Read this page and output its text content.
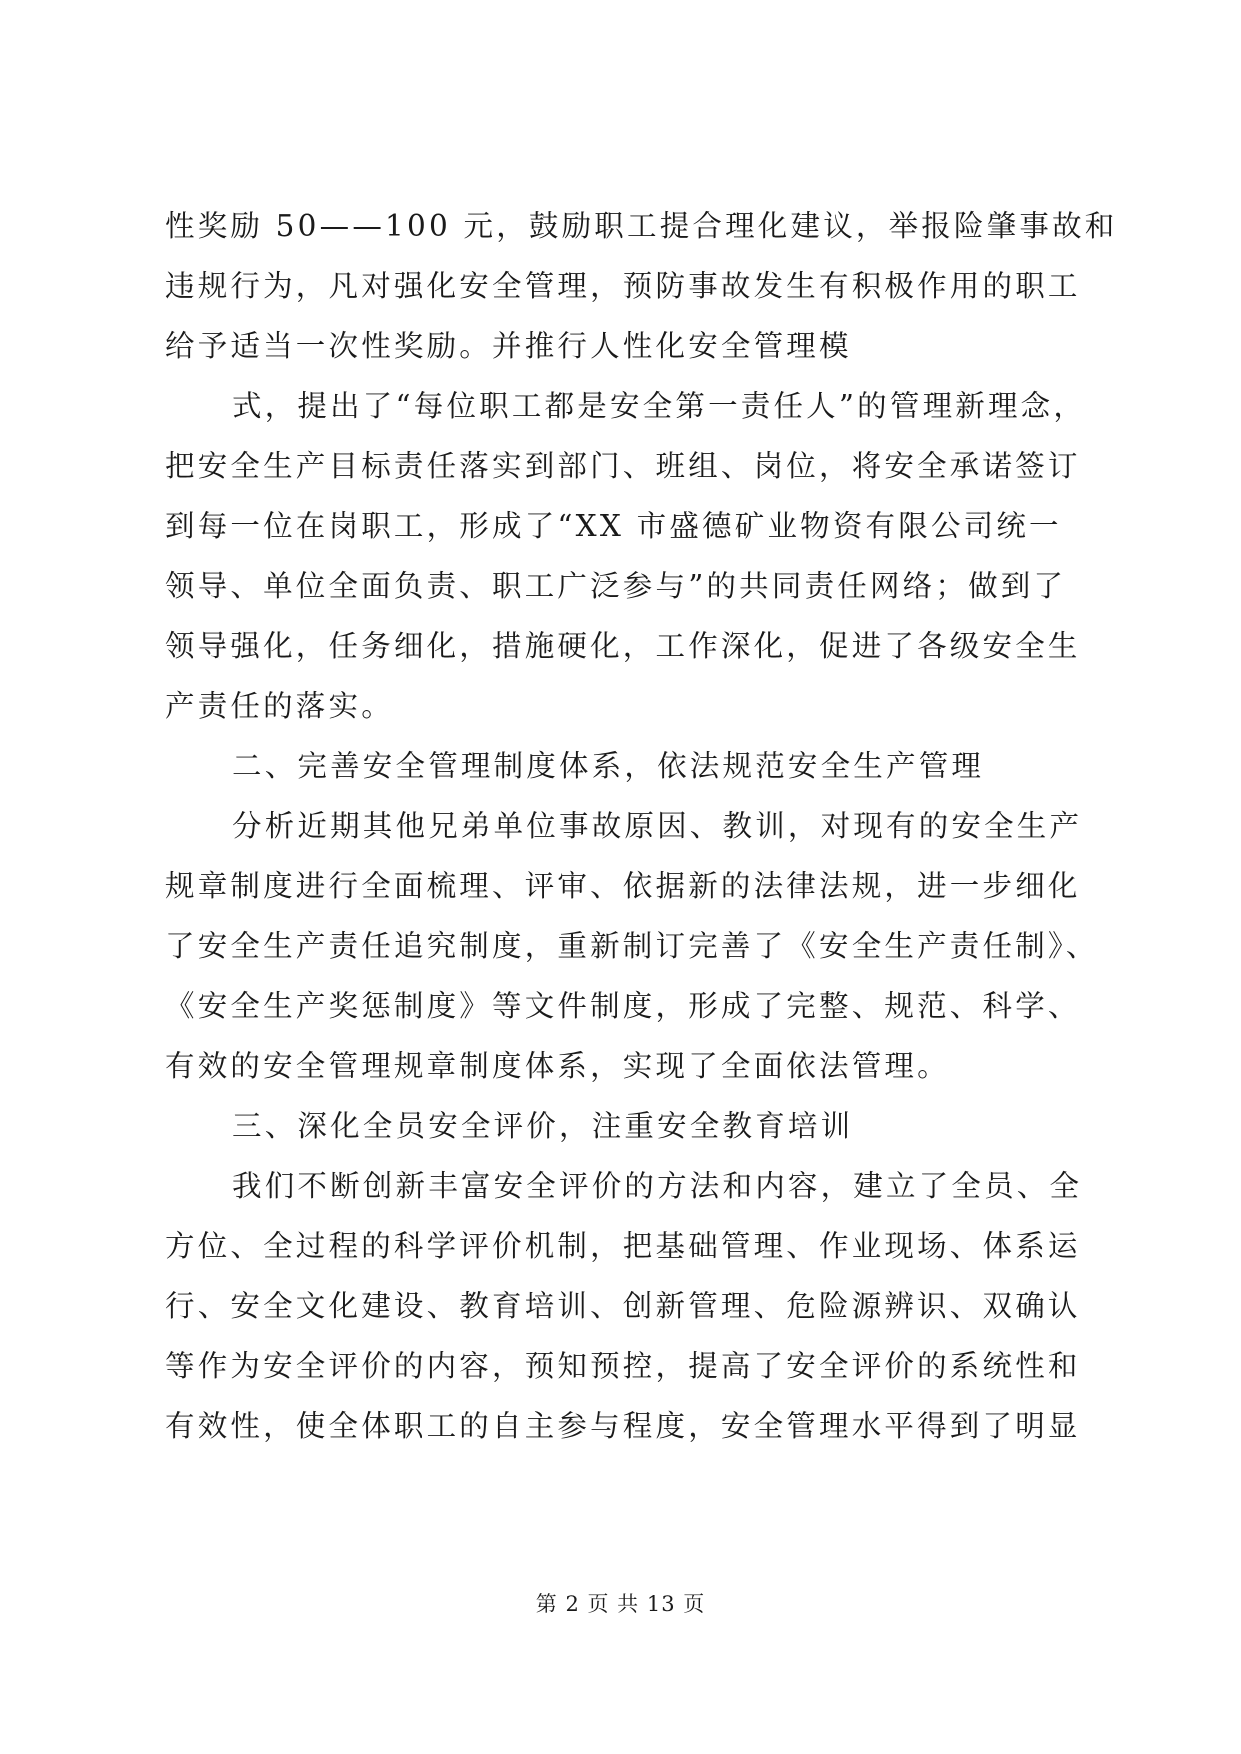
性奖励 50——100 元，鼓励职工提合理化建议，举报险肇事故和
违规行为，凡对强化安全管理，预防事故发生有积极作用的职工
给予适当一次性奖励。并推行人性化安全管理模
式，提出了“每位职工都是安全第一责任人”的管理新理念，
把安全生产目标责任落实到部门、班组、岗位，将安全承诺签订
到每一位在岗职工，形成了“XX 市盛德矿业物资有限公司统一
领导、单位全面负责、职工广泛参与”的共同责任网络；做到了
领导强化，任务细化，措施硬化，工作深化，促进了各级安全生
产责任的落实。
二、完善安全管理制度体系，依法规范安全生产管理
分析近期其他兄弟单位事故原因、教训，对现有的安全生产
规章制度进行全面梳理、评审、依据新的法律法规，进一步细化
了安全生产责任追究制度，重新制订完善了《安全生产责任制》、
《安全生产奖惩制度》等文件制度，形成了完整、规范、科学、
有效的安全管理规章制度体系，实现了全面依法管理。
三、深化全员安全评价，注重安全教育培训
我们不断创新丰富安全评价的方法和内容，建立了全员、全
方位、全过程的科学评价机制，把基础管理、作业现场、体系运
行、安全文化建设、教育培训、创新管理、危险源辨识、双确认
等作为安全评价的内容，预知预控，提高了安全评价的系统性和
有效性，使全体职工的自主参与程度，安全管理水平得到了明显
第 2 页 共 13 页
